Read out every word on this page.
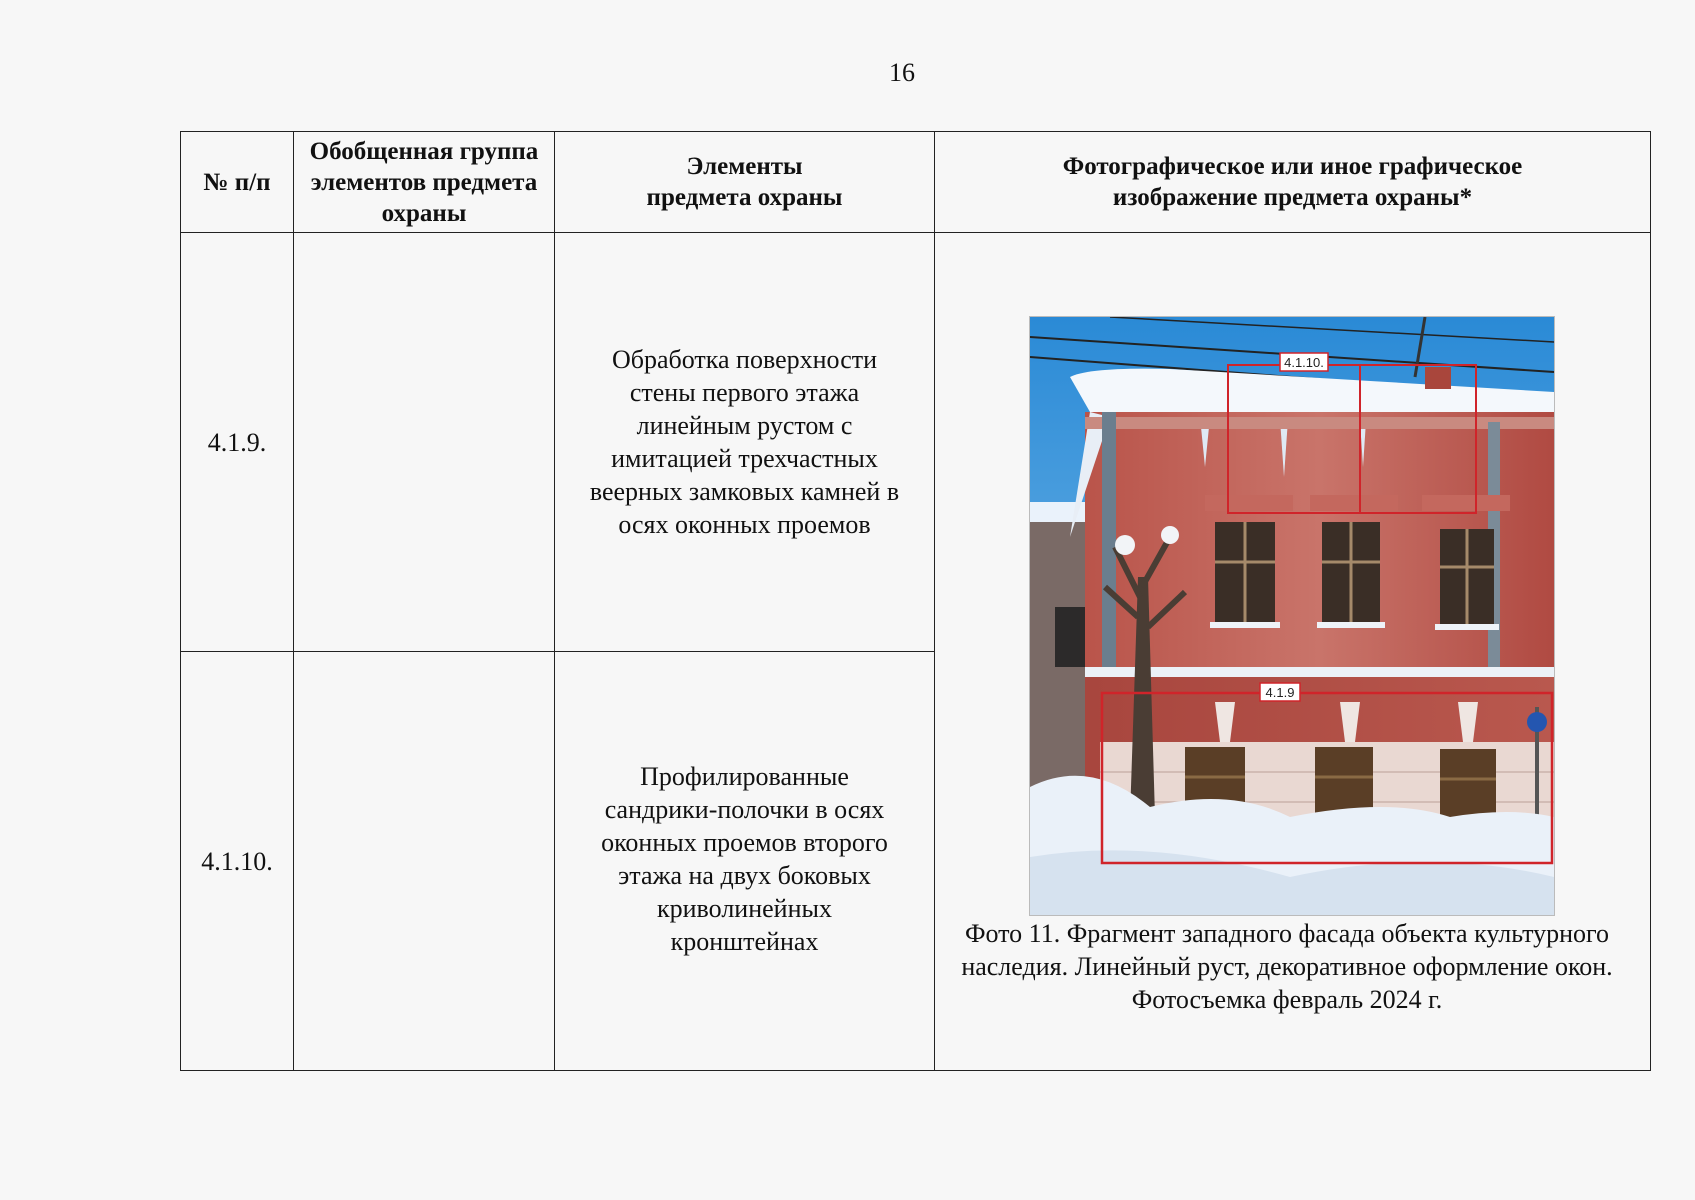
16
№ п/п	Обобщенная группа элементов предмета охраны	Элементы предмета охраны	Фотографическое или иное графическое изображение предмета охраны*
4.1.9.		Обработка поверхности стены первого этажа линейным рустом с имитацией трехчастных веерных замковых камней в осях оконных проемов	4.1.10.
4.1.9
Фото 11. Фрагмент западного фасада объекта культурного наследия. Линейный руст, декоративное оформление окон. Фотосъемка февраль 2024 г.

4.1.10.		Профилированные сандрики-полочки в осях оконных проемов второго этажа на двух боковых криволинейных кронштейнах	
